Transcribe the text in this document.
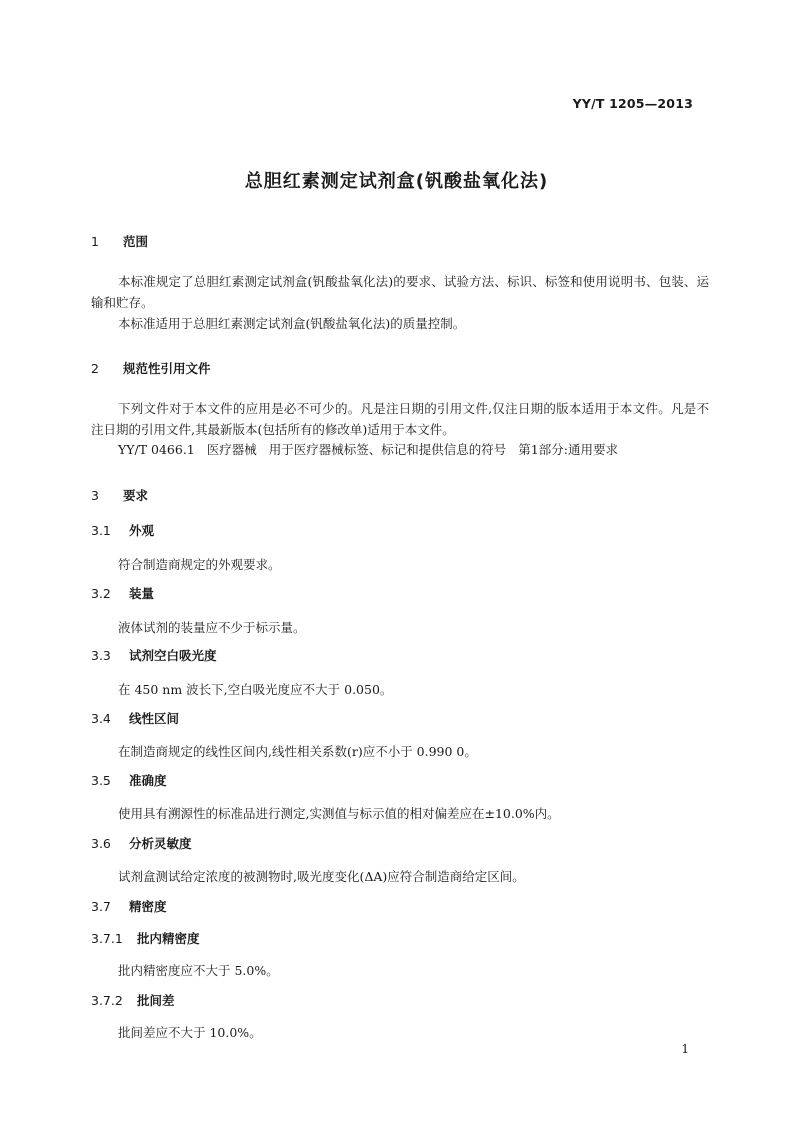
YY/T 1205—2013
总胆红素测定试剂盒(钒酸盐氧化法)
1 范围
本标准规定了总胆红素测定试剂盒(钒酸盐氧化法)的要求、试验方法、标识、标签和使用说明书、包装、运输和贮存。
本标准适用于总胆红素测定试剂盒(钒酸盐氧化法)的质量控制。
2 规范性引用文件
下列文件对于本文件的应用是必不可少的。凡是注日期的引用文件,仅注日期的版本适用于本文件。凡是不注日期的引用文件,其最新版本(包括所有的修改单)适用于本文件。
YY/T 0466.1 医疗器械 用于医疗器械标签、标记和提供信息的符号 第1部分:通用要求
3 要求
3.1 外观
符合制造商规定的外观要求。
3.2 装量
液体试剂的装量应不少于标示量。
3.3 试剂空白吸光度
在 450 nm 波长下,空白吸光度应不大于 0.050。
3.4 线性区间
在制造商规定的线性区间内,线性相关系数(r)应不小于 0.990 0。
3.5 准确度
使用具有溯源性的标准品进行测定,实测值与标示值的相对偏差应在±10.0%内。
3.6 分析灵敏度
试剂盒测试给定浓度的被测物时,吸光度变化(ΔA)应符合制造商给定区间。
3.7 精密度
3.7.1 批内精密度
批内精密度应不大于 5.0%。
3.7.2 批间差
批间差应不大于 10.0%。
1
